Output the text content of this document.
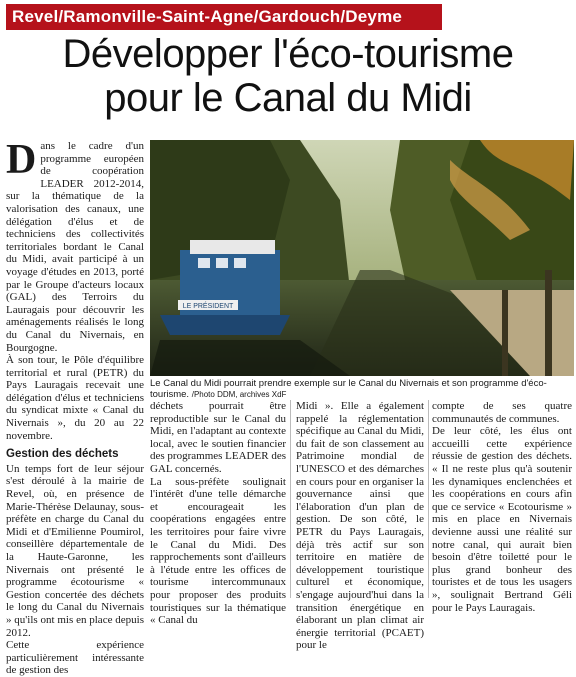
Revel/Ramonville-Saint-Agne/Gardouch/Deyme
Développer l'éco-tourisme
pour le Canal du Midi

Dans le cadre d'un programme européen de coopération LEADER 2012-2014, sur la thématique de la valorisation des canaux, une délégation d'élus et de techniciens des collectivités territoriales bordant le Canal du Midi, avait participé à un voyage d'études en 2013, porté par le Groupe d'acteurs locaux (GAL) des Terroirs du Lauragais pour découvrir les aménagements réalisés le long du Canal du Nivernais, en Bourgogne.

À son tour, le Pôle d'équilibre territorial et rural (PETR) du Pays Lauragais recevait une délégation d'élus et techniciens du syndicat mixte « Canal du Nivernais », du 20 au 22 novembre.

Gestion des déchets

Un temps fort de leur séjour s'est déroulé à la mairie de Revel, où, en présence de Marie-Thérèse Delaunay, sous-préfète en charge du Canal du Midi et d'Emilienne Poumirol, conseillère départementale de la Haute-Garonne, les Nivernais ont présenté le programme écotourisme « Gestion concertée des déchets le long du Canal du Nivernais » qu'ils ont mis en place depuis 2012.

Cette expérience particulièrement intéressante de gestion des

LE PRÉSIDENT
Le Canal du Midi pourrait prendre exemple sur le Canal du Nivernais et son programme d'éco-tourisme. /Photo DDM, archives XdF

déchets pourrait être reproductible sur le Canal du Midi, en l'adaptant au contexte local, avec le soutien financier des programmes LEADER des GAL concernés.

La sous-préfète soulignait l'intérêt d'une telle démarche et encourageait les coopérations engagées entre les territoires pour faire vivre le Canal du Midi. Des rapprochements sont d'ailleurs à l'étude entre les offices de tourisme intercommunaux pour proposer des produits touristiques sur la thématique « Canal du

Midi ». Elle a également rappelé la réglementation spécifique au Canal du Midi, du fait de son classement au Patrimoine mondial de l'UNESCO et des démarches en cours pour en organiser la gouvernance ainsi que l'élaboration d'un plan de gestion. De son côté, le PETR du Pays Lauragais, déjà très actif sur son territoire en matière de développement touristique culturel et économique, s'engage aujourd'hui dans la transition énergétique en élaborant un plan climat air énergie territorial (PCAET) pour le

compte de ses quatre communautés de communes.

De leur côté, les élus ont accueilli cette expérience réussie de gestion des déchets. « Il ne reste plus qu'à soutenir les dynamiques enclenchées et les coopérations en cours afin que ce service « Ecotourisme » mis en place en Nivernais devienne aussi une réalité sur notre canal, qui aurait bien besoin d'être toiletté pour le plus grand bonheur des touristes et de tous les usagers », soulignait Bertrand Géli pour le Pays Lauragais.
